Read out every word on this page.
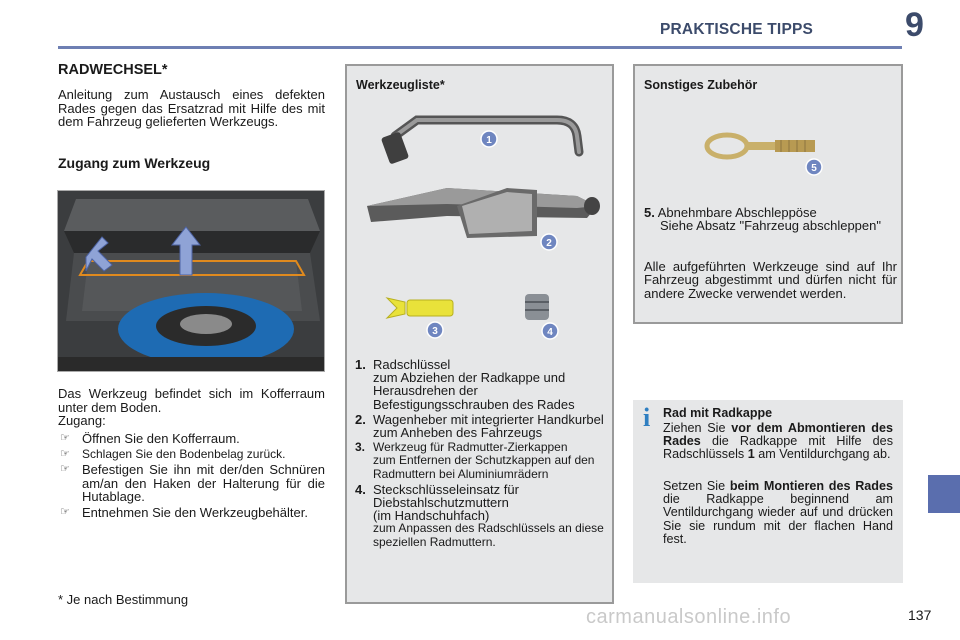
PRAKTISCHE TIPPS	9
RADWECHSEL*
Anleitung zum Austausch eines defekten Rades gegen das Ersatzrad mit Hilfe des mit dem Fahrzeug gelieferten Werkzeugs.
Zugang zum Werkzeug
Das Werkzeug befindet sich im Kofferraum unter dem Boden.
Zugang:
☞ Öffnen Sie den Kofferraum.
☞ Schlagen Sie den Bodenbelag zurück.
☞ Befestigen Sie ihn mit der/den Schnüren am/an den Haken der Halterung für die Hutablage.
☞ Entnehmen Sie den Werkzeugbehälter.
* Je nach Bestimmung
Werkzeugliste*
1
2
3	4
1. Radschlüssel
zum Abziehen der Radkappe und Herausdrehen der Befestigungsschrauben des Rades
2. Wagenheber mit integrierter Handkurbel
zum Anheben des Fahrzeugs
3. Werkzeug für Radmutter-Zierkappen
zum Entfernen der Schutzkappen auf den Radmuttern bei Aluminiumrädern
4. Steckschlüsseleinsatz für Diebstahlschutzmuttern
(im Handschuhfach)
zum Anpassen des Radschlüssels an diese speziellen Radmuttern.
Sonstiges Zubehör
5
5. Abnehmbare Abschleppöse

Siehe Absatz "Fahrzeug abschleppen"
Alle aufgeführten Werkzeuge sind auf Ihr Fahrzeug abgestimmt und dürfen nicht für andere Zwecke verwendet werden.
i Rad mit Radkappe
Ziehen Sie vor dem Abmontieren des Rades die Radkappe mit Hilfe des Radschlüssels 1 am Ventildurchgang ab.
Setzen Sie beim Montieren des Rades die Radkappe beginnend am Ventildurchgang wieder auf und drücken Sie sie rundum mit der flachen Hand fest.
carmanualsonline.info	137
